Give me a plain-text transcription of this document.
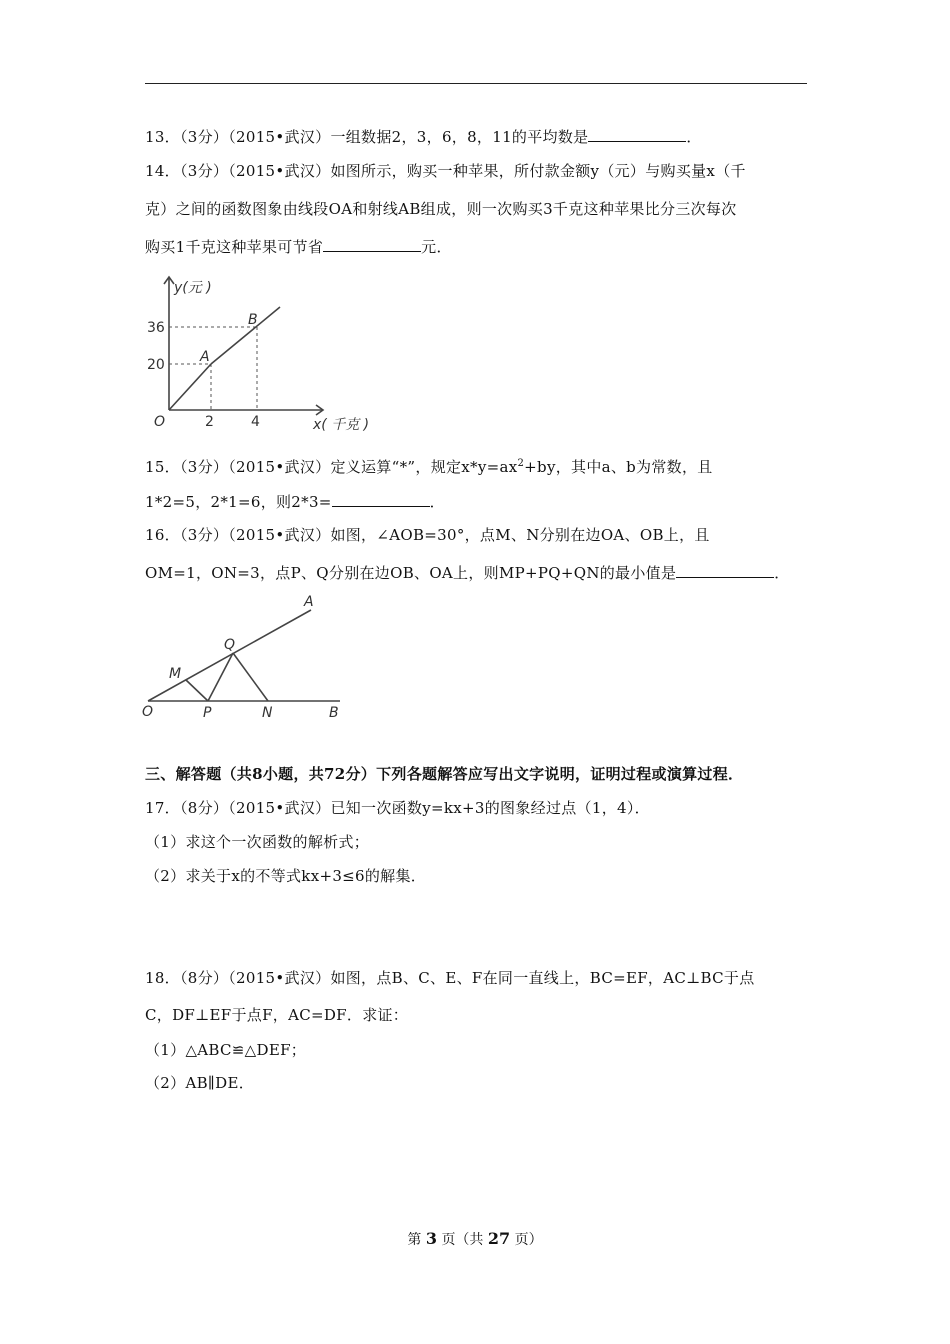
13．（3分）（2015•武汉）一组数据2，3，6，8，11的平均数是	．
14．（3分）（2015•武汉）如图所示，购买一种苹果，所付款金额y（元）与购买量x（千
克）之间的函数图象由线段OA和射线AB组成，则一次购买3千克这种苹果比分三次每次
购买1千克这种苹果可节省	元．
y(元 )
x( 千克 )
O
A
B
36
20
2	4
15．（3分）（2015•武汉）定义运算“*”，规定$x*y=ax^2+by$，其中a、b为常数，且
1*2=5，2*1=6，则2*3=	．
16．（3分）（2015•武汉）如图，∠AOB=30°，点M、N分别在边OA、OB上，且
OM=1，ON=3，点P、Q分别在边OB、OA上，则MP+PQ+QN的最小值是	．
A
Q
M
O	P	N	B
三、解答题（共8小题，共72分）下列各题解答应写出文字说明，证明过程或演算过程．
17．（8分）（2015•武汉）已知一次函数y=kx+3的图象经过点（1，4）．
（1）求这个一次函数的解析式；
（2）求关于x的不等式kx+3≤6的解集．
18．（8分）（2015•武汉）如图，点B、C、E、F在同一直线上，BC=EF，AC⊥BC于点
C，DF⊥EF于点F，AC=DF．求证：
（1）△ABC≌△DEF；
（2）AB∥DE．
第 3 页（共 27 页）
